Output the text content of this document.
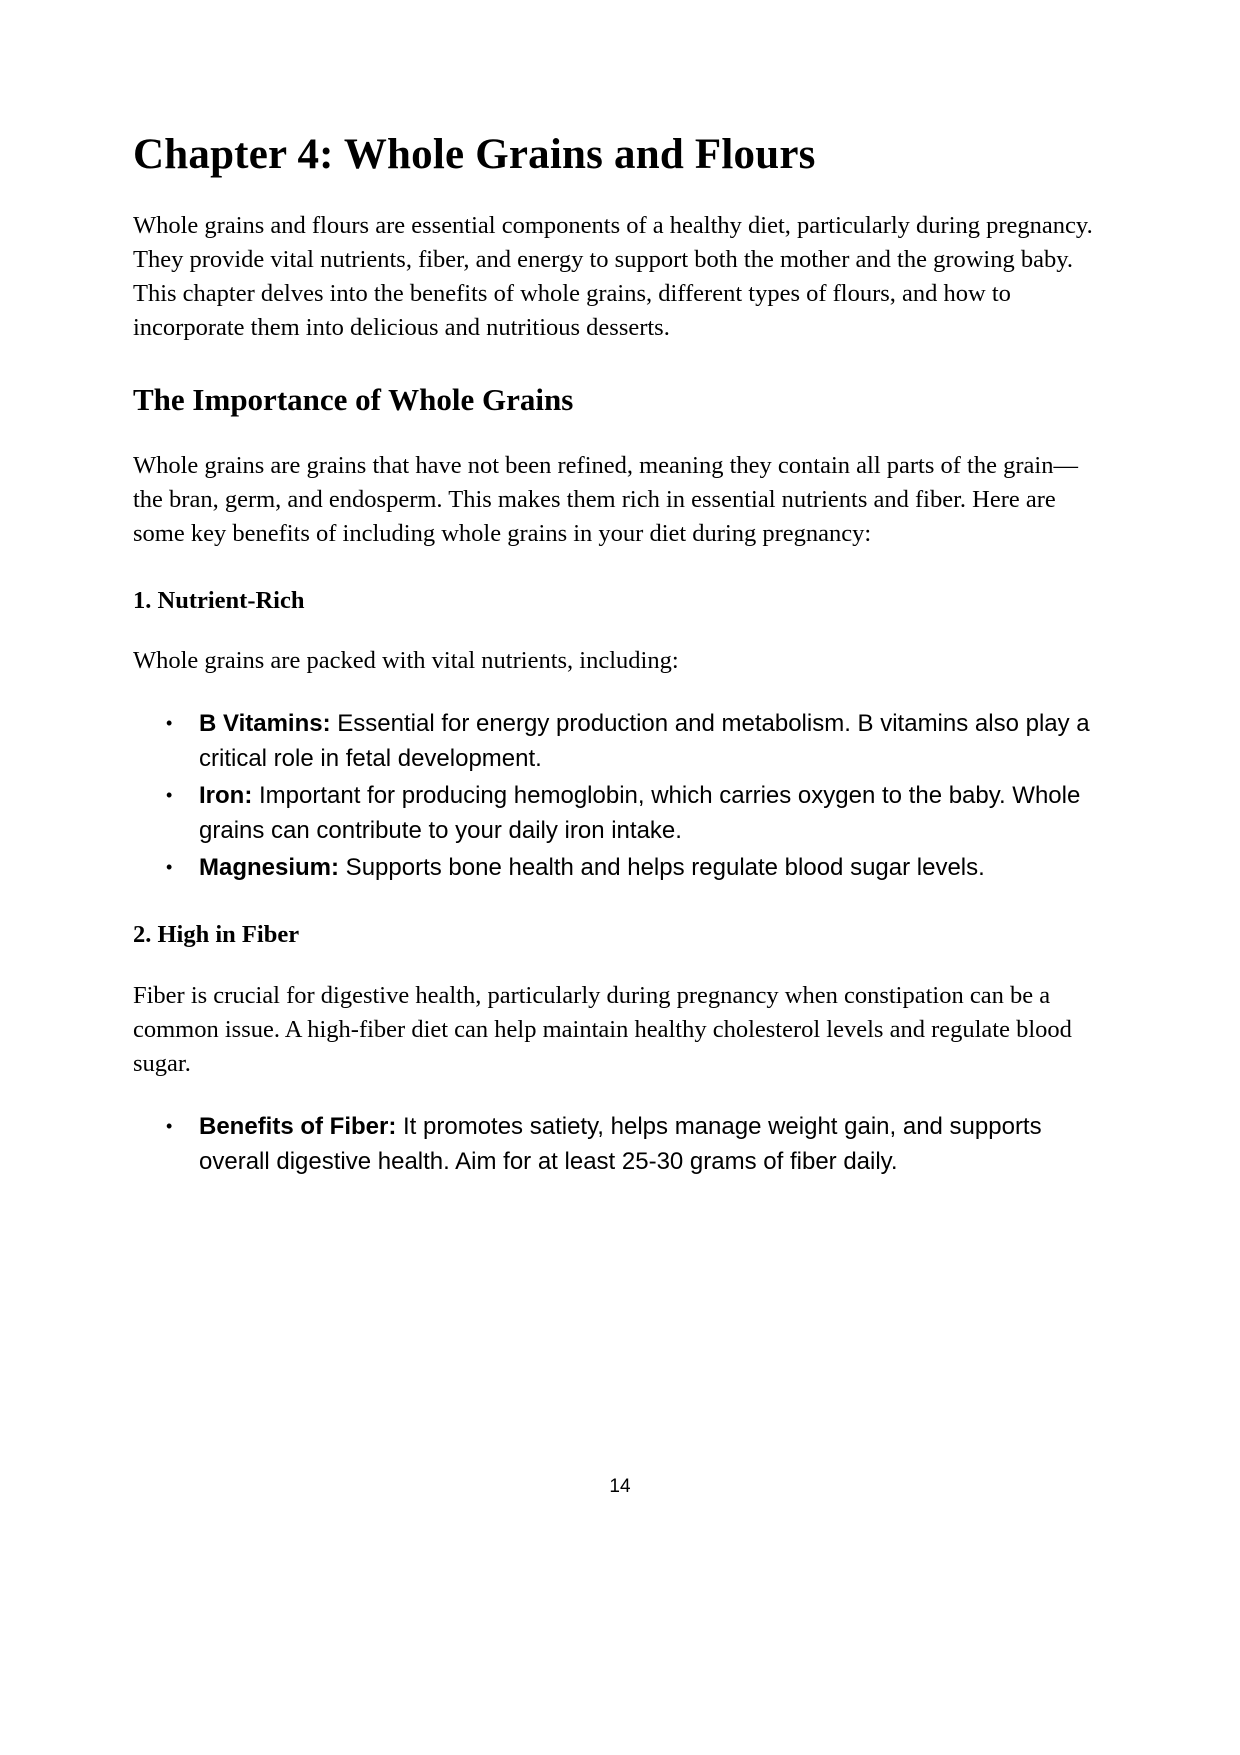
Chapter 4: Whole Grains and Flours

Whole grains and flours are essential components of a healthy diet, particularly during pregnancy. They provide vital nutrients, fiber, and energy to support both the mother and the growing baby. This chapter delves into the benefits of whole grains, different types of flours, and how to incorporate them into delicious and nutritious desserts.

The Importance of Whole Grains

Whole grains are grains that have not been refined, meaning they contain all parts of the grain—the bran, germ, and endosperm. This makes them rich in essential nutrients and fiber. Here are some key benefits of including whole grains in your diet during pregnancy:

1. Nutrient-Rich

Whole grains are packed with vital nutrients, including:

•	B Vitamins: Essential for energy production and metabolism. B vitamins also play a critical role in fetal development.
•	Iron: Important for producing hemoglobin, which carries oxygen to the baby. Whole grains can contribute to your daily iron intake.
•	Magnesium: Supports bone health and helps regulate blood sugar levels.
2. High in Fiber

Fiber is crucial for digestive health, particularly during pregnancy when constipation can be a common issue. A high-fiber diet can help maintain healthy cholesterol levels and regulate blood sugar.

•	Benefits of Fiber: It promotes satiety, helps manage weight gain, and supports overall digestive health. Aim for at least 25-30 grams of fiber daily.
14
